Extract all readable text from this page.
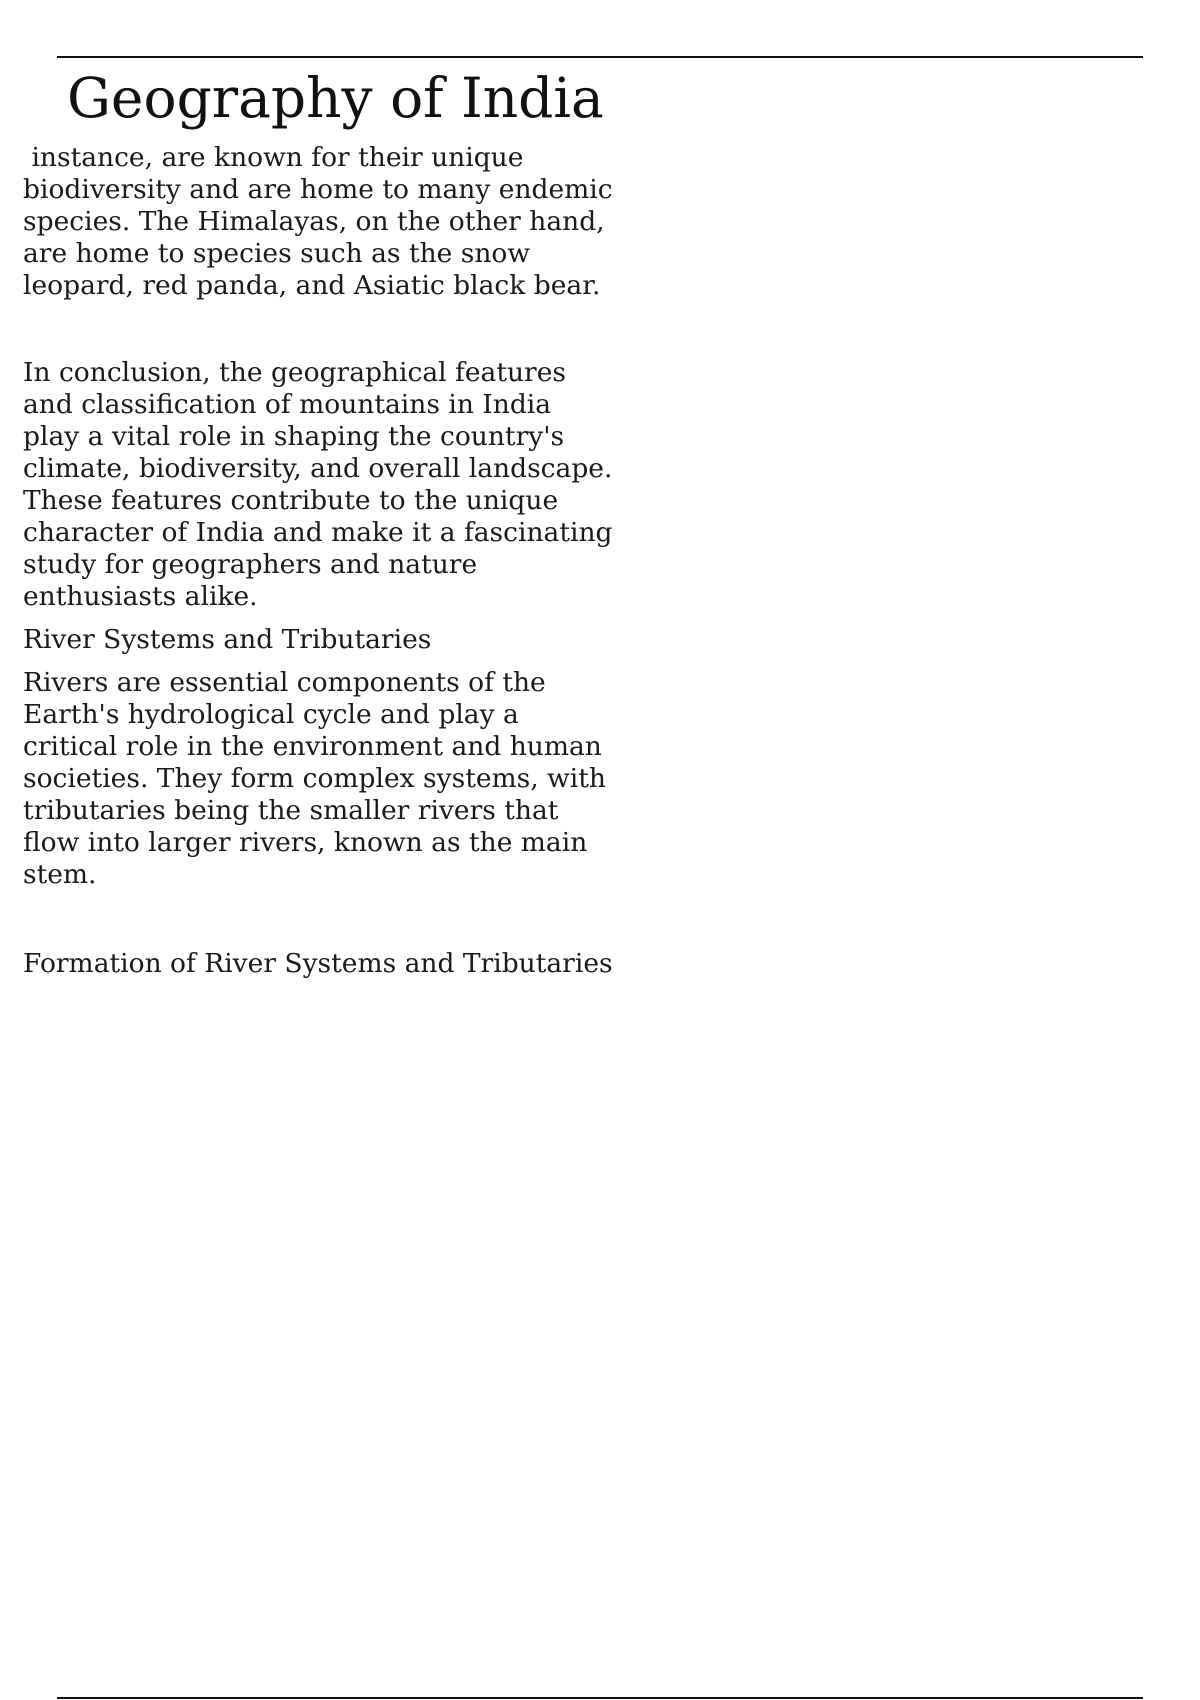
Geography of India

instance, are known for their unique biodiversity and are home to many endemic species. The Himalayas, on the other hand, are home to species such as the snow leopard, red panda, and Asiatic black bear.

In conclusion, the geographical features and classification of mountains in India play a vital role in shaping the country's climate, biodiversity, and overall landscape. These features contribute to the unique character of India and make it a fascinating study for geographers and nature enthusiasts alike.

River Systems and Tributaries

Rivers are essential components of the Earth's hydrological cycle and play a critical role in the environment and human societies. They form complex systems, with tributaries being the smaller rivers that flow into larger rivers, known as the main stem.

Formation of River Systems and Tributaries
